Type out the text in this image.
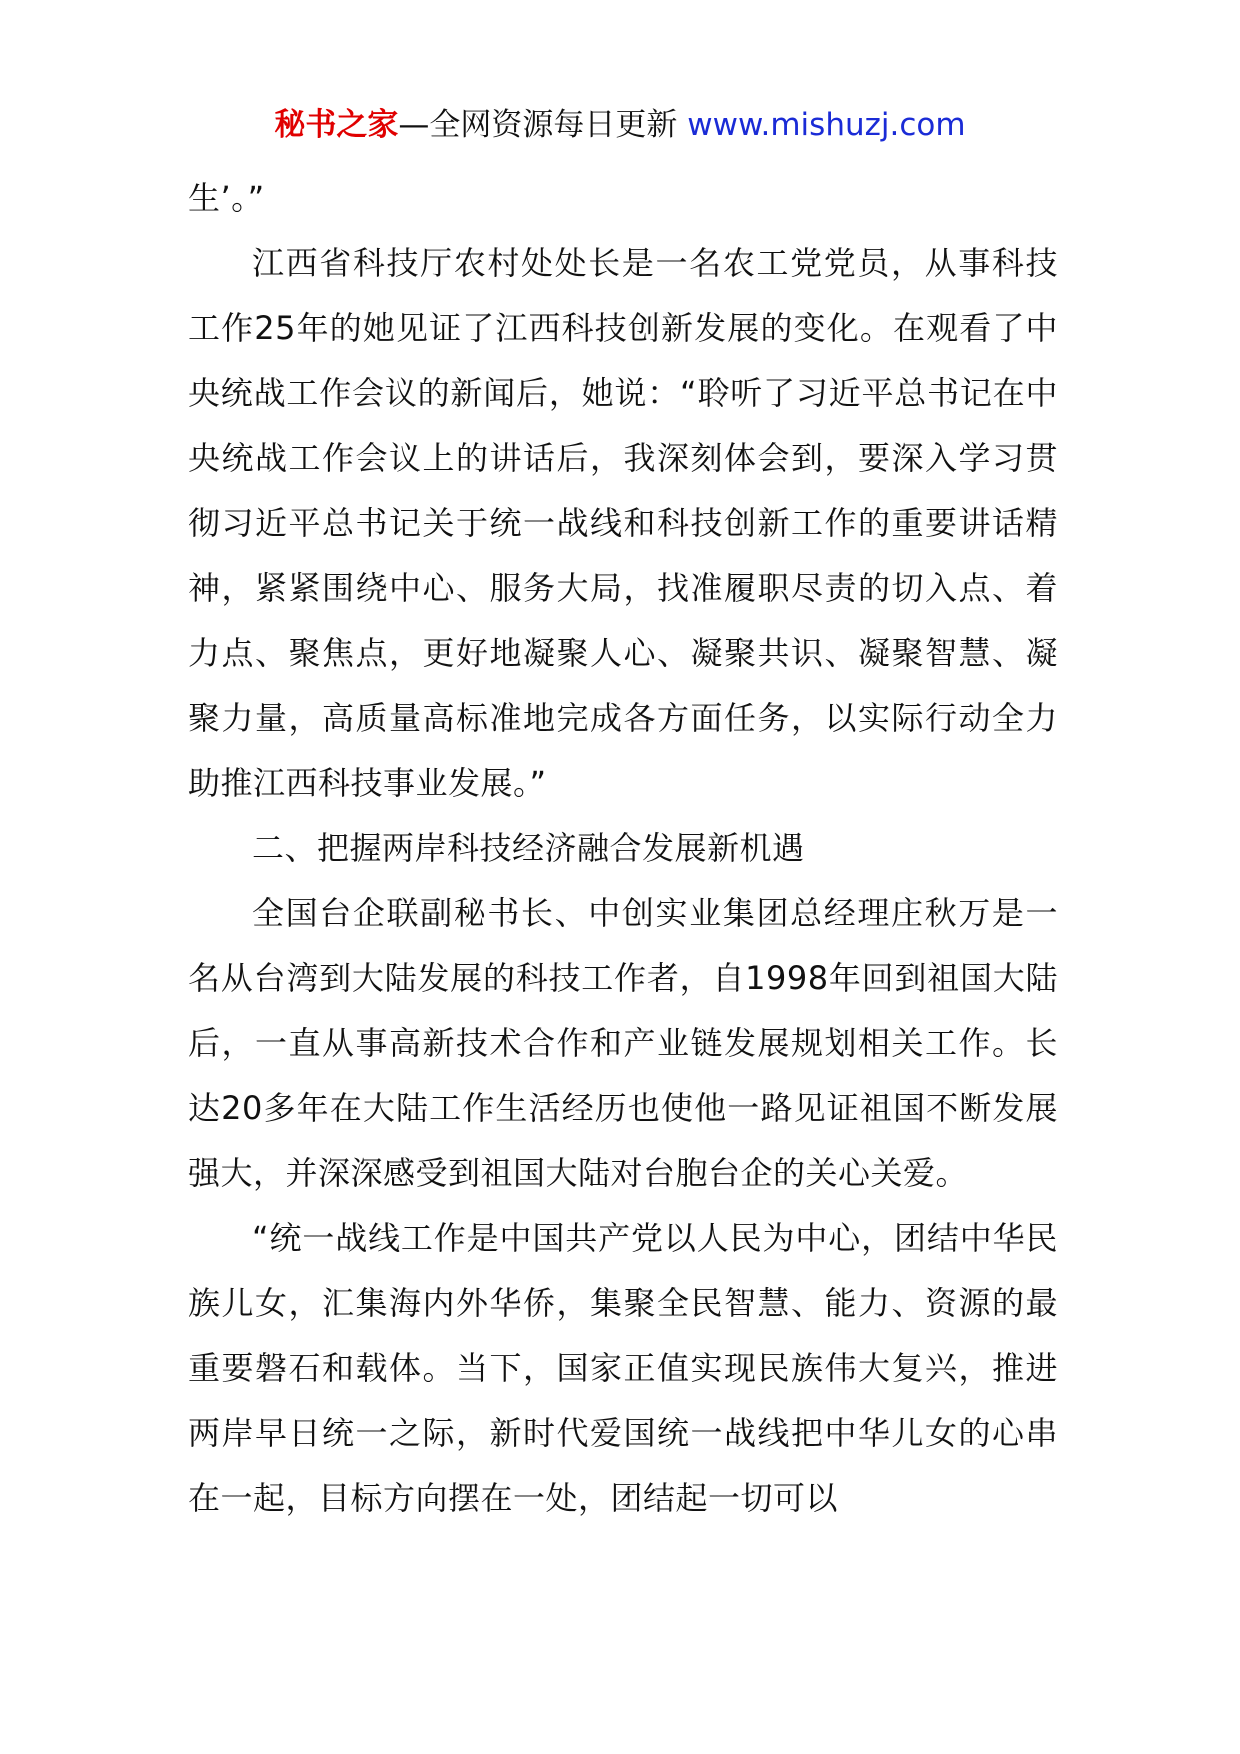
秘书之家—全网资源每日更新 www.mishuzj.com

生’。”

江西省科技厅农村处处长是一名农工党党员，从事科技工作25年的她见证了江西科技创新发展的变化。在观看了中央统战工作会议的新闻后，她说：“聆听了习近平总书记在中央统战工作会议上的讲话后，我深刻体会到，要深入学习贯彻习近平总书记关于统一战线和科技创新工作的重要讲话精神，紧紧围绕中心、服务大局，找准履职尽责的切入点、着力点、聚焦点，更好地凝聚人心、凝聚共识、凝聚智慧、凝聚力量，高质量高标准地完成各方面任务，以实际行动全力助推江西科技事业发展。”

二、把握两岸科技经济融合发展新机遇

全国台企联副秘书长、中创实业集团总经理庄秋万是一名从台湾到大陆发展的科技工作者，自1998年回到祖国大陆后，一直从事高新技术合作和产业链发展规划相关工作。长达20多年在大陆工作生活经历也使他一路见证祖国不断发展强大，并深深感受到祖国大陆对台胞台企的关心关爱。

“统一战线工作是中国共产党以人民为中心，团结中华民族儿女，汇集海内外华侨，集聚全民智慧、能力、资源的最重要磐石和载体。当下，国家正值实现民族伟大复兴，推进两岸早日统一之际，新时代爱国统一战线把中华儿女的心串在一起，目标方向摆在一处，团结起一切可以
